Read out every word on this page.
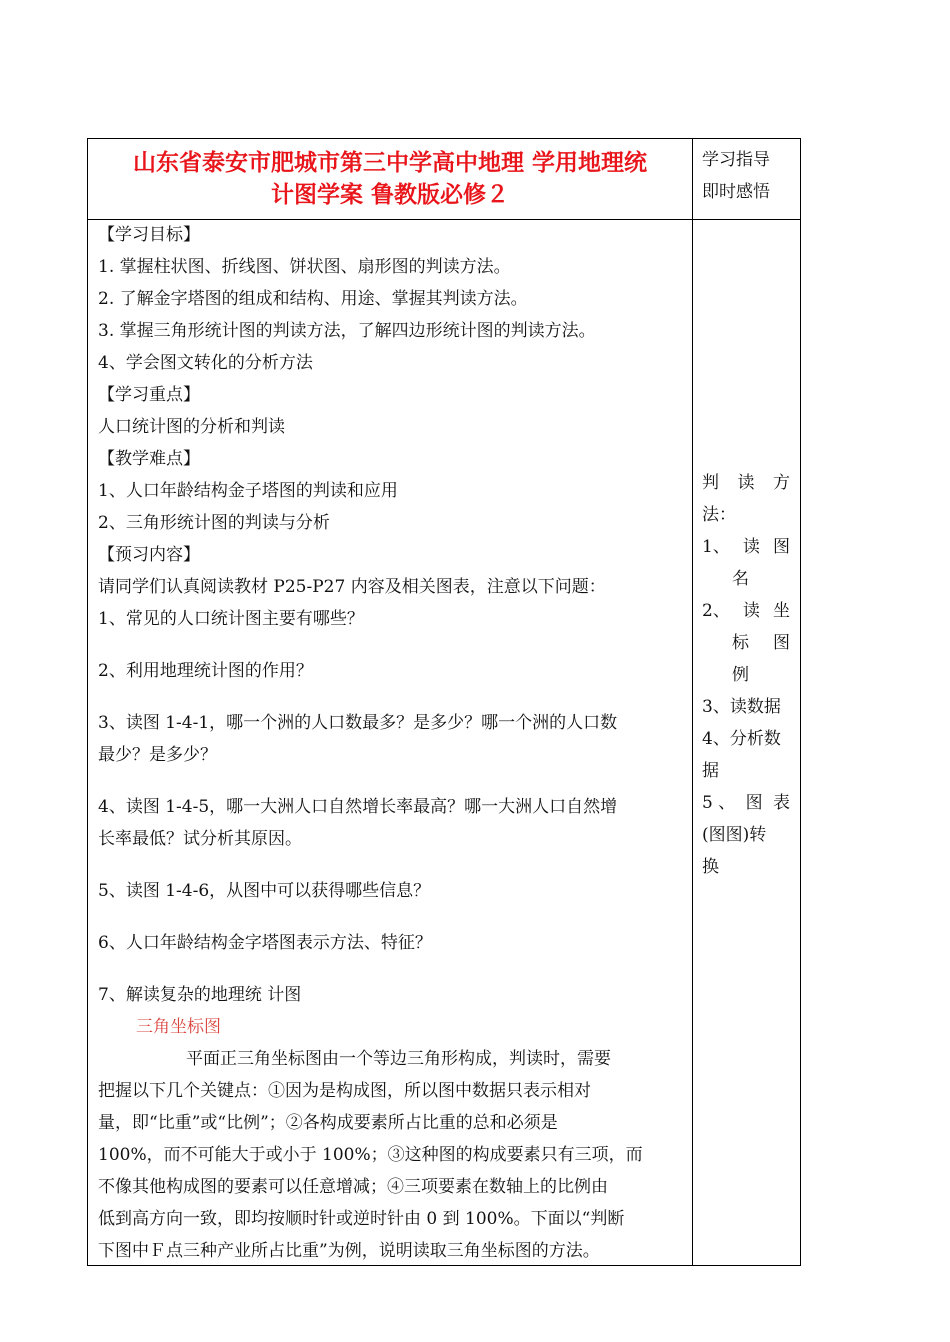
山东省泰安市肥城市第三中学高中地理 学用地理统
计图学案 鲁教版必修２
学习指导
即时感悟
【学习目标】
1. 掌握柱状图、折线图、饼状图、扇形图的判读方法。
2. 了解金字塔图的组成和结构、用途、掌握其判读方法。
3. 掌握三角形统计图的判读方法，了解四边形统计图的判读方法。
4、学会图文转化的分析方法
【学习重点】
人口统计图的分析和判读
【教学难点】
1、人口年龄结构金子塔图的判读和应用
2、三角形统计图的判读与分析
【预习内容】
请同学们认真阅读教材 P25-P27 内容及相关图表，注意以下问题：
1、常见的人口统计图主要有哪些？
2、利用地理统计图的作用？
3、读图 1-4-1，哪一个洲的人口数最多？是多少？哪一个洲的人口数
最少？是多少？
4、读图 1-4-5，哪一大洲人口自然增长率最高？哪一大洲人口自然增
长率最低？试分析其原因。
5、读图 1-4-6，从图中可以获得哪些信息？
6、人口年龄结构金字塔图表示方法、特征？
7、解读复杂的地理统 计图
三角坐标图
平面正三角坐标图由一个等边三角形构成，判读时，需要
把握以下几个关键点：①因为是构成图，所以图中数据只表示相对
量，即“比重”或“比例”；②各构成要素所占比重的总和必须是
100%，而不可能大于或小于 100%；③这种图的构成要素只有三项，而
不像其他构成图的要素可以任意增减；④三项要素在数轴上的比例由
低到高方向一致，即均按顺时针或逆时针由 0 到 100%。下面以“判断
下图中Ｆ点三种产业所占比重”为例，说明读取三角坐标图的方法。
判 读 方
法：
1、 读 图
名
2、 读 坐
标 图
例
3、读数据
4、分析数
据
5 、 图 表
(图图)转
换
